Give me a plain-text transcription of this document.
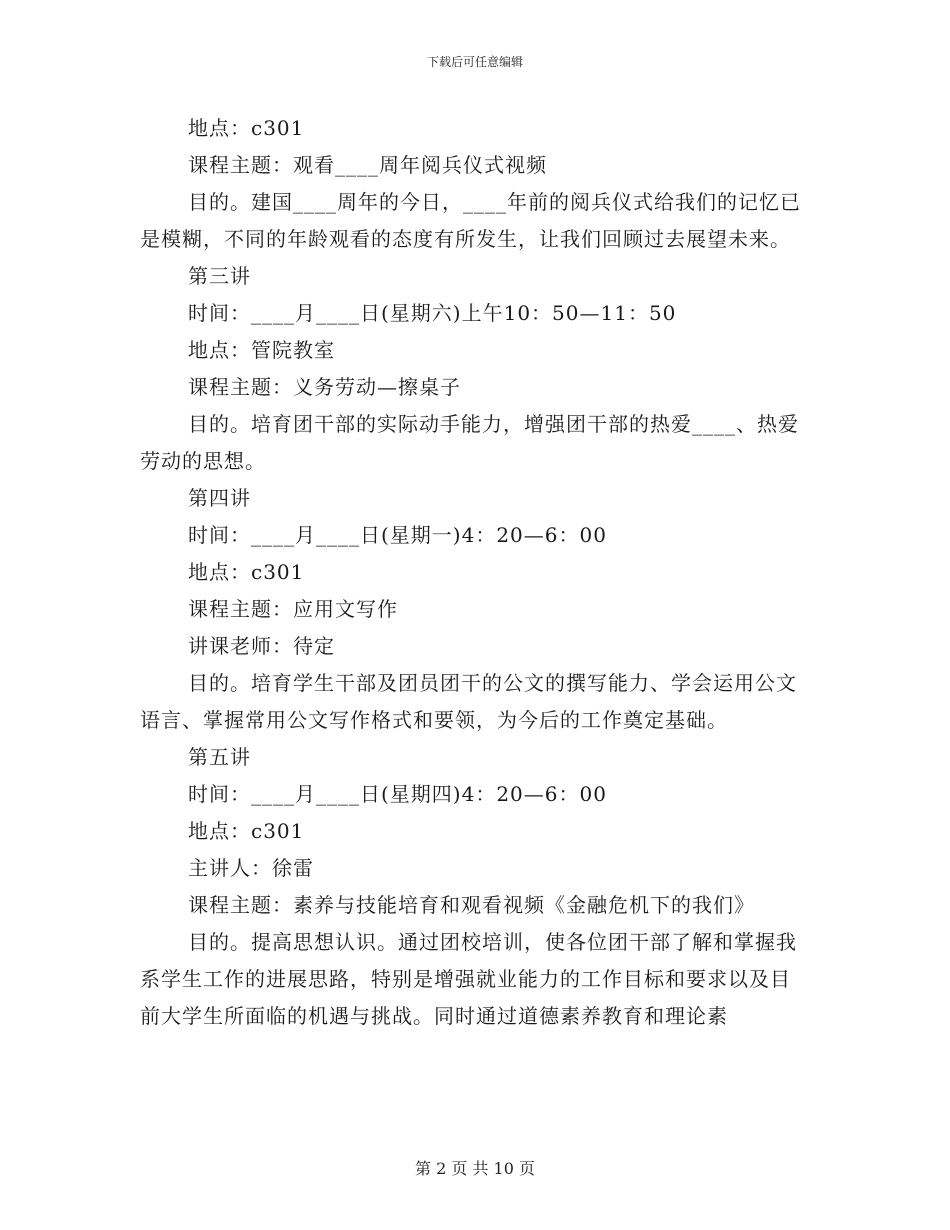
下载后可任意编辑
地点：c301
课程主题：观看____周年阅兵仪式视频
目的。建国____周年的今日，____年前的阅兵仪式给我们的记忆已是模糊，不同的年龄观看的态度有所发生，让我们回顾过去展望未来。
第三讲
时间：____月____日(星期六)上午10：50—11：50
地点：管院教室
课程主题：义务劳动—擦桌子
目的。培育团干部的实际动手能力，增强团干部的热爱____、热爱劳动的思想。
第四讲
时间：____月____日(星期一)4：20—6：00
地点：c301
课程主题：应用文写作
讲课老师：待定
目的。培育学生干部及团员团干的公文的撰写能力、学会运用公文语言、掌握常用公文写作格式和要领，为今后的工作奠定基础。
第五讲
时间：____月____日(星期四)4：20—6：00
地点：c301
主讲人：徐雷
课程主题：素养与技能培育和观看视频《金融危机下的我们》
目的。提高思想认识。通过团校培训，使各位团干部了解和掌握我系学生工作的进展思路，特别是增强就业能力的工作目标和要求以及目前大学生所面临的机遇与挑战。同时通过道德素养教育和理论素
第 2 页 共 10 页
